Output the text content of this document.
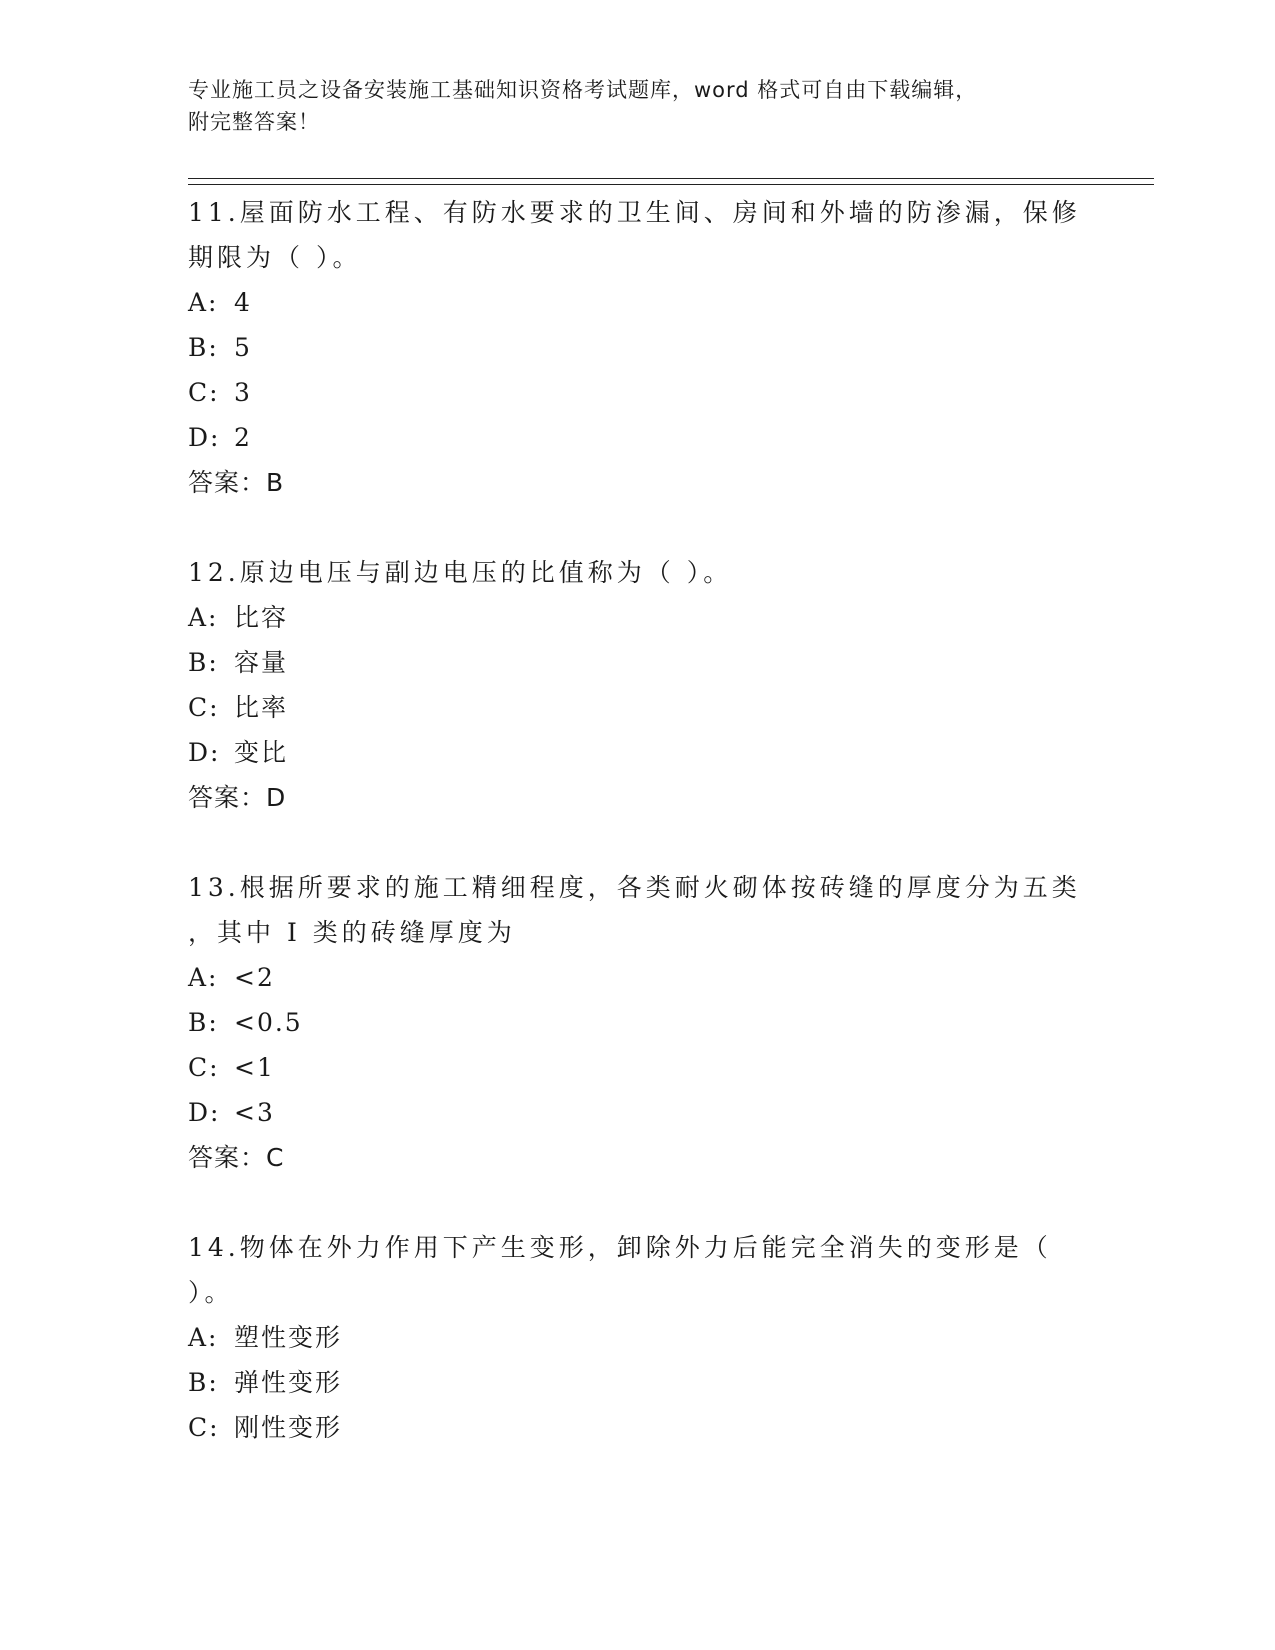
专业施工员之设备安装施工基础知识资格考试题库，word 格式可自由下载编辑，
附完整答案！

11.屋面防水工程、有防水要求的卫生间、房间和外墙的防渗漏，保修

期限为（ ）。

A: 4
B: 5
C: 3
D: 2

答案：B

12.原边电压与副边电压的比值称为（ ）。

A: 比容
B: 容量
C: 比率
D: 变比

答案：D

13.根据所要求的施工精细程度，各类耐火砌体按砖缝的厚度分为五类

，其中 I 类的砖缝厚度为

A: <2
B: <0.5
C: <1
D: <3

答案：C

14.物体在外力作用下产生变形，卸除外力后能完全消失的变形是（

）。

A: 塑性变形
B: 弹性变形
C: 刚性变形
